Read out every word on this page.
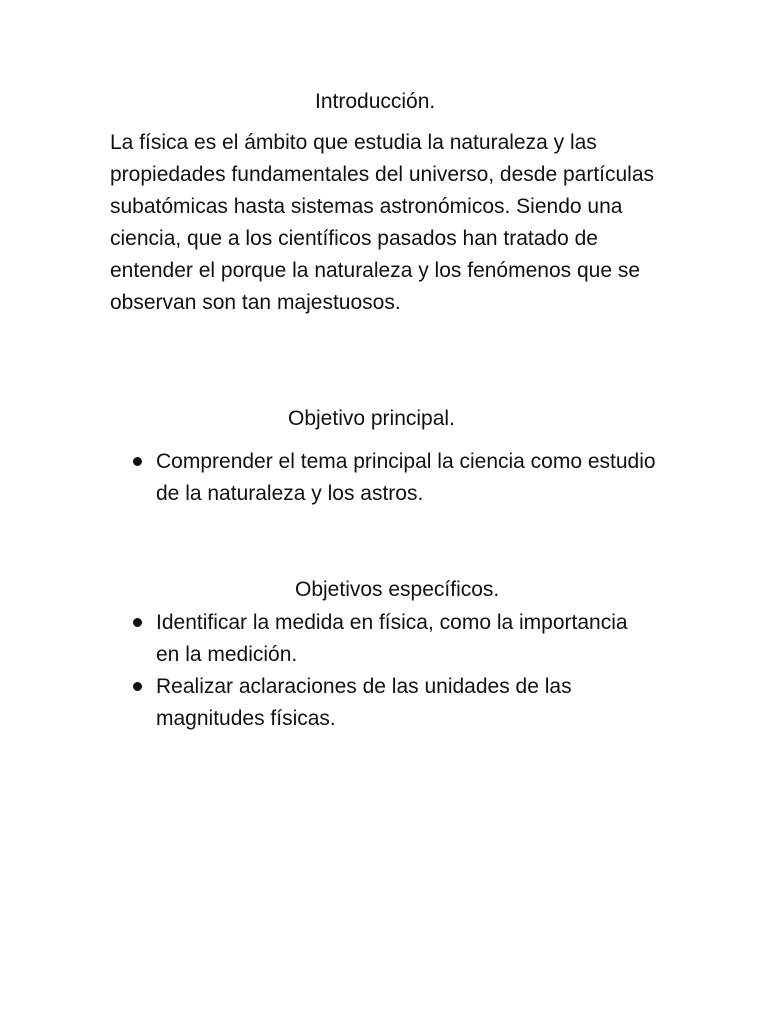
Introducción.

La física es el ámbito que estudia la naturaleza y las propiedades fundamentales del universo, desde partículas subatómicas hasta sistemas astronómicos. Siendo una ciencia, que a los científicos pasados han tratado de entender el porque la naturaleza y los fenómenos que se observan son tan majestuosos.

Objetivo principal.
Comprender el tema principal la ciencia como estudio de la naturaleza y los astros.
Objetivos específicos.
Identificar la medida en física, como la importancia en la medición.
Realizar aclaraciones de las unidades de las magnitudes físicas.
